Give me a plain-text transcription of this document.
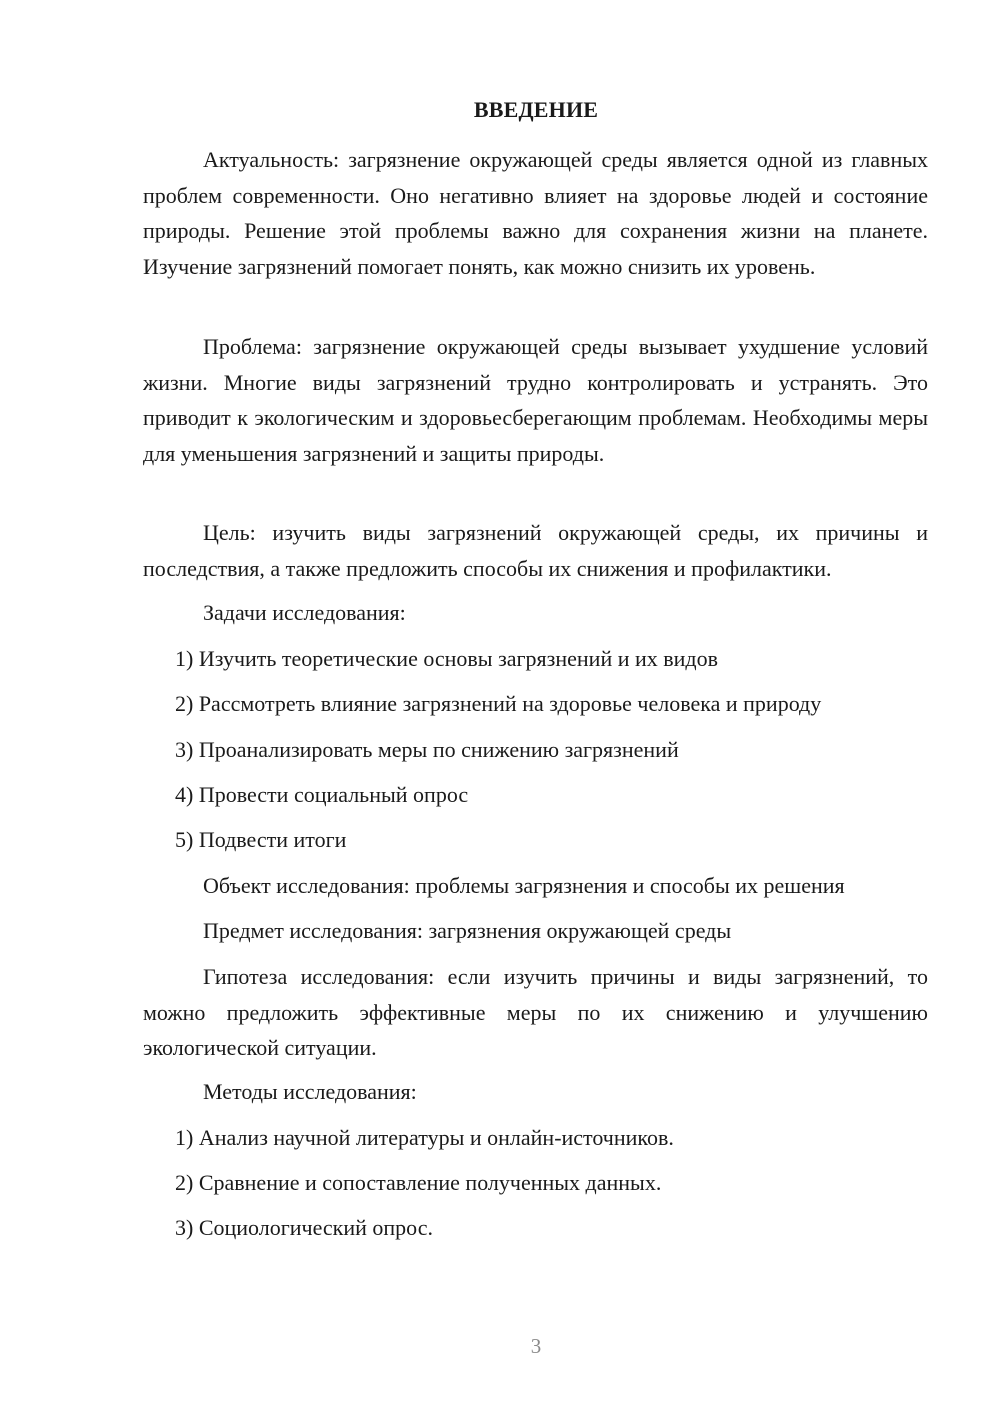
ВВЕДЕНИЕ

Актуальность: загрязнение окружающей среды является одной из главных проблем современности. Оно негативно влияет на здоровье людей и состояние природы. Решение этой проблемы важно для сохранения жизни на планете. Изучение загрязнений помогает понять, как можно снизить их уровень.

Проблема: загрязнение окружающей среды вызывает ухудшение условий жизни. Многие виды загрязнений трудно контролировать и устранять. Это приводит к экологическим и здоровьесберегающим проблемам. Необходимы меры для уменьшения загрязнений и защиты природы.

Цель: изучить виды загрязнений окружающей среды, их причины и последствия, а также предложить способы их снижения и профилактики.

Задачи исследования:

1) Изучить теоретические основы загрязнений и их видов

2) Рассмотреть влияние загрязнений на здоровье человека и природу

3) Проанализировать меры по снижению загрязнений

4) Провести социальный опрос

5) Подвести итоги

Объект исследования: проблемы загрязнения и способы их решения

Предмет исследования: загрязнения окружающей среды

Гипотеза исследования: если изучить причины и виды загрязнений, то можно предложить эффективные меры по их снижению и улучшению экологической ситуации.

Методы исследования:

1) Анализ научной литературы и онлайн-источников.

2) Сравнение и сопоставление полученных данных.

3) Социологический опрос.

3
